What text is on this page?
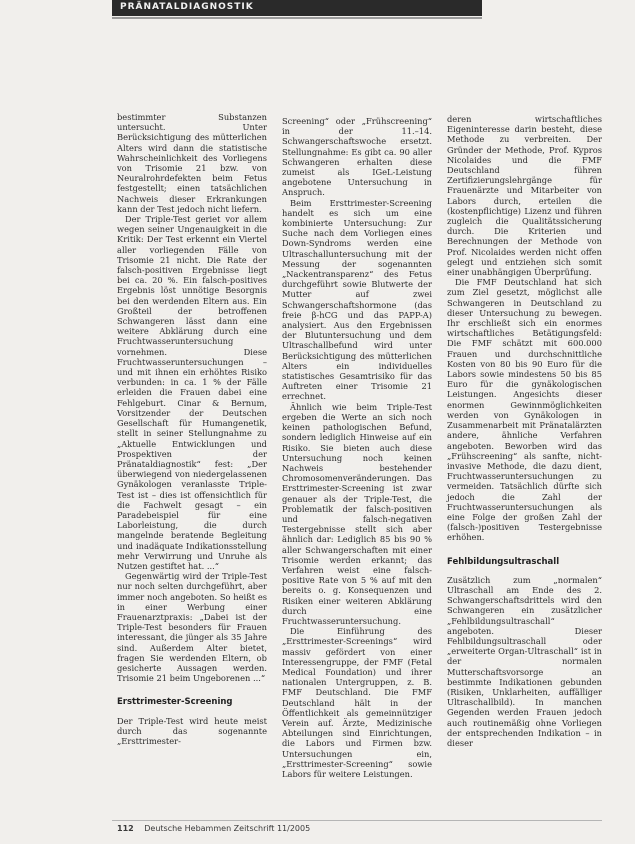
PRÄNATALDIAGNOSTIK

bestimmter Substanzen untersucht. Unter Berücksichtigung des mütterlichen Alters wird dann die statistische Wahrscheinlichkeit des Vorliegens von Trisomie 21 bzw. von Neuralrohrdefekten beim Fetus festgestellt; einen tatsächlichen Nachweis dieser Erkrankungen kann der Test jedoch nicht liefern.

Der Triple-Test geriet vor allem wegen seiner Ungenauigkeit in die Kritik: Der Test erkennt ein Viertel aller vorliegenden Fälle von Trisomie 21 nicht. Die Rate der falsch-positiven Ergebnisse liegt bei ca. 20 %. Ein falsch-positives Ergebnis löst unnötige Besorgnis bei den werdenden Eltern aus. Ein Großteil der betroffenen Schwangeren lässt dann eine weitere Abklärung durch eine Fruchtwasseruntersuchung vornehmen. Diese Fruchtwasseruntersuchungen – und mit ihnen ein erhöhtes Risiko verbunden: in ca. 1 % der Fälle erleiden die Frauen dabei eine Fehlgeburt. Cinar & Bernum, Vorsitzender der Deutschen Gesellschaft für Humangenetik, stellt in seiner Stellungnahme zu „Aktuelle Entwicklungen und Prospektiven der Pränataldiagnostik“ fest: „Der überwiegend von niedergelassenen Gynäkologen veranlasste Triple-Test ist – dies ist offensichtlich für die Fachwelt gesagt – ein Paradebeispiel für eine Laborleistung, die durch mangelnde beratende Begleitung und inadäquate Indikationsstellung mehr Verwirrung und Unruhe als Nutzen gestiftet hat. ...“

Gegenwärtig wird der Triple-Test nur noch selten durchgeführt, aber immer noch angeboten. So heißt es in einer Werbung einer Frauenarztpraxis: „Dabei ist der Triple-Test besonders für Frauen interessant, die jünger als 35 Jahre sind. Außerdem Alter bietet, fragen Sie werdenden Eltern, ob gesicherte Aussagen werden. Trisomie 21 beim Ungeborenen ...“

Ersttrimester-Screening

Der Triple-Test wird heute meist durch das sogenannte „Ersttrimester-

Screening“ oder „Frühscreening“ in der 11.–14. Schwangerschaftswoche ersetzt. Stellungnahme: Es gibt ca. 90 aller Schwangeren erhalten diese zumeist als IGeL-Leistung angebotene Untersuchung in Anspruch.

Beim Ersttrimester-Screening handelt es sich um eine kombinierte Untersuchung: Zur Suche nach dem Vorliegen eines Down-Syndroms werden eine Ultraschalluntersuchung mit der Messung der sogenannten „Nackentransparenz“ des Fetus durchgeführt sowie Blutwerte der Mutter auf zwei Schwangerschaftshormone (das freie β-hCG und das PAPP-A) analysiert. Aus den Ergebnissen der Blutuntersuchung und dem Ultraschallbefund wird unter Berücksichtigung des mütterlichen Alters ein individuelles statistisches Gesamtrisiko für das Auftreten einer Trisomie 21 errechnet.

Ähnlich wie beim Triple-Test ergeben die Werte an sich noch keinen pathologischen Befund, sondern lediglich Hinweise auf ein Risiko. Sie bieten auch diese Untersuchung noch keinen Nachweis bestehender Chromosomenveränderungen. Das Ersttrimester-Screening ist zwar genauer als der Triple-Test, die Problematik der falsch-positiven und falsch-negativen Testergebnisse stellt sich aber ähnlich dar: Lediglich 85 bis 90 % aller Schwangerschaften mit einer Trisomie werden erkannt; das Verfahren weist eine falsch-positive Rate von 5 % auf mit den bereits o. g. Konsequenzen und Risiken einer weiteren Abklärung durch eine Fruchtwasseruntersuchung.

Die Einführung des „Ersttrimester-Screenings“ wird massiv gefördert von einer Interessengruppe, der FMF (Fetal Medical Foundation) und ihrer nationalen Untergruppen, z. B. FMF Deutschland. Die FMF Deutschland hält in der Öffentlichkeit als gemeinnütziger Verein auf. Ärzte, Medizinische Abteilungen sind Einrichtungen, die Labors und Firmen bzw. Untersuchungen ein, „Ersttrimester-Screening“ sowie Labors für weitere Leistungen.

deren wirtschaftliches Eigeninteresse darin besteht, diese Methode zu verbreiten. Der Gründer der Methode, Prof. Kypros Nicolaides und die FMF Deutschland führen Zertifizierungslehrgänge für Frauenärzte und Mitarbeiter von Labors durch, erteilen die (kostenpflichtige) Lizenz und führen zugleich die Qualitätssicherung durch. Die Kriterien und Berechnungen der Methode von Prof. Nicolaides werden nicht offen gelegt und entziehen sich somit einer unabhängigen Überprüfung.

Die FMF Deutschland hat sich zum Ziel gesetzt, möglichst alle Schwangeren in Deutschland zu dieser Untersuchung zu bewegen. Ihr erschließt sich ein enormes wirtschaftliches Betätigungsfeld: Die FMF schätzt mit 600.000 Frauen und durchschnittliche Kosten von 80 bis 90 Euro für die Labors sowie mindestens 50 bis 85 Euro für die gynäkologischen Leistungen. Angesichts dieser enormen Gewinnmöglichkeiten werden von Gynäkologen in Zusammenarbeit mit Pränatalärzten andere, ähnliche Verfahren angeboten. Beworben wird das „Frühscreening“ als sanfte, nicht-invasive Methode, die dazu dient, Fruchtwasseruntersuchungen zu vermeiden. Tatsächlich dürfte sich jedoch die Zahl der Fruchtwasseruntersuchungen als eine Folge der großen Zahl der (falsch-)positiven Testergebnisse erhöhen.

Fehlbildungsultraschall

Zusätzlich zum „normalen“ Ultraschall am Ende des 2. Schwangerschaftsdrittels wird den Schwangeren ein zusätzlicher „Fehlbildungsultraschall“ angeboten. Dieser Fehlbildungsultraschall oder „erweiterte Organ-Ultraschall“ ist in der normalen Mutterschaftsvorsorge an bestimmte Indikationen gebunden (Risiken, Unklarheiten, auffälliger Ultraschallbild). In manchen Gegenden werden Frauen jedoch auch routinemäßig ohne Vorliegen der entsprechenden Indikation – in dieser

112 Deutsche Hebammen Zeitschrift 11/2005
